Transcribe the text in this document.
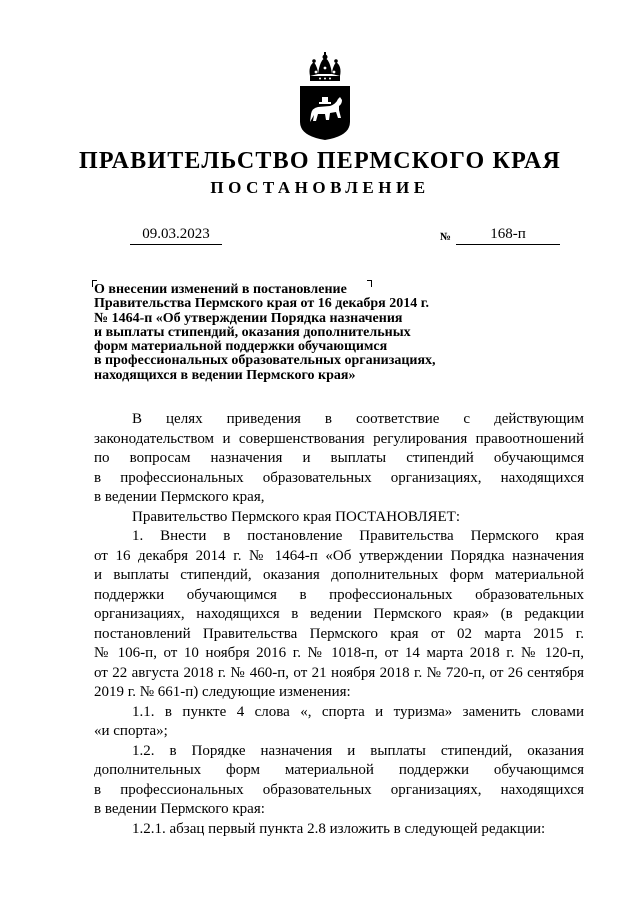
ПРАВИТЕЛЬСТВО ПЕРМСКОГО КРАЯ
ПОСТАНОВЛЕНИЕ
09.03.2023	№	168-п
О внесении изменений в постановление
Правительства Пермского края от 16 декабря 2014 г.
№ 1464-п «Об утверждении Порядка назначения
и выплаты стипендий, оказания дополнительных
форм материальной поддержки обучающимся
в профессиональных образовательных организациях,
находящихся в ведении Пермского края»
В целях приведения в соответствие с действующим
законодательством и совершенствования регулирования правоотношений
по вопросам назначения и выплаты стипендий обучающимся
в профессиональных образовательных организациях, находящихся
в ведении Пермского края,
Правительство Пермского края ПОСТАНОВЛЯЕТ:
1. Внести в постановление Правительства Пермского края
от 16 декабря 2014 г. № 1464-п «Об утверждении Порядка назначения
и выплаты стипендий, оказания дополнительных форм материальной
поддержки обучающимся в профессиональных образовательных
организациях, находящихся в ведении Пермского края» (в редакции
постановлений Правительства Пермского края от 02 марта 2015 г.
№ 106-п, от 10 ноября 2016 г. № 1018-п, от 14 марта 2018 г. № 120-п,
от 22 августа 2018 г. № 460-п, от 21 ноября 2018 г. № 720-п, от 26 сентября
2019 г. № 661-п) следующие изменения:
1.1. в пункте 4 слова «, спорта и туризма» заменить словами
«и спорта»;
1.2. в Порядке назначения и выплаты стипендий, оказания
дополнительных форм материальной поддержки обучающимся
в профессиональных образовательных организациях, находящихся
в ведении Пермского края:
1.2.1. абзац первый пункта 2.8 изложить в следующей редакции:
